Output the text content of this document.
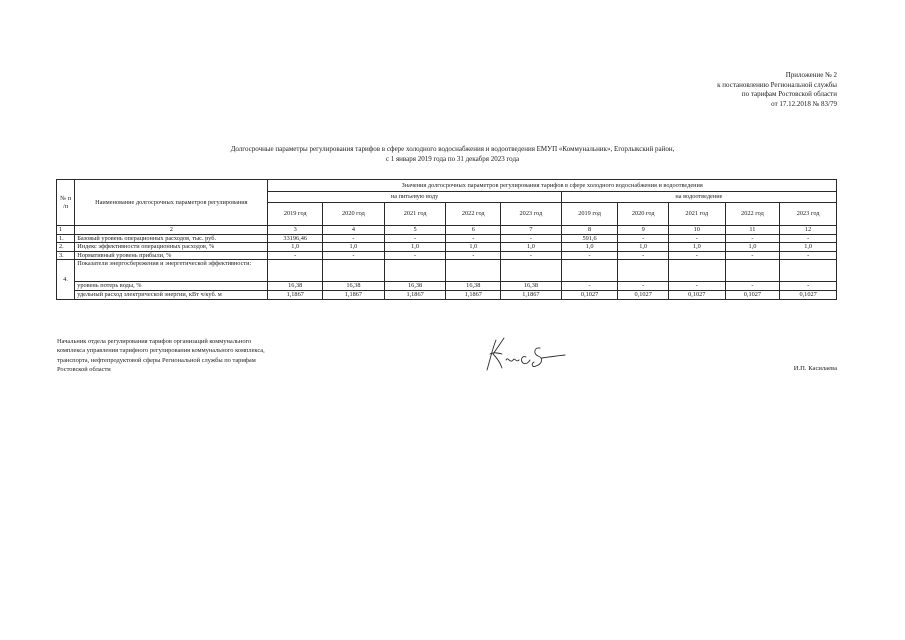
Приложение № 2
к постановлению Региональной службы
по тарифам Ростовской области
от 17.12.2018 № 83/79
Долгосрочные параметры регулирования тарифов в сфере холодного водоснабжения и водоотведения ЕМУП «Коммунальник», Егорлыкский район,
с 1 января 2019 года по 31 декабря 2023 года
№ п /п	Наименование долгосрочных параметров регулирования	Значения долгосрочных параметров регулирования тарифов в сфере холодного водоснабжения и водоотведения									
		на питьевую воду					на водоотведение				
		2019 год	2020 год	2021 год	2022 год	2023 год	2019 год	2020 год	2021 год	2022 год	2023 год
1	2	3	4	5	6	7	8	9	10	11	12
1.	Базовый уровень операционных расходов, тыс. руб.	33196,46	-	-	-	-	591,6	-	-	-	-
2.	Индекс эффективности операционных расходов, %	1,0	1,0	1,0	1,0	1,0	1,0	1,0	1,0	1,0	1,0
3.	Нормативный уровень прибыли, %	-	-	-	-	-	-	-	-	-	-
4.	Показатели энергосбережения и энергетической эффективности:										
	уровень потерь воды, %	16,38	16,38	16,38	16,38	16,38	-	-	-	-	-
	удельный расход электрической энергии, кВт ч/куб. м	1,1867	1,1867	1,1867	1,1867	1,1867	0,1027	0,1027	0,1027	0,1027	0,1027
Начальник отдела регулирования тарифов организаций коммунального
комплекса управления тарифного регулирования коммунального комплекса,
транспорта, нефтепродуктовой сферы Региональной службы по тарифам
Ростовской области	И.П. Касилаева
